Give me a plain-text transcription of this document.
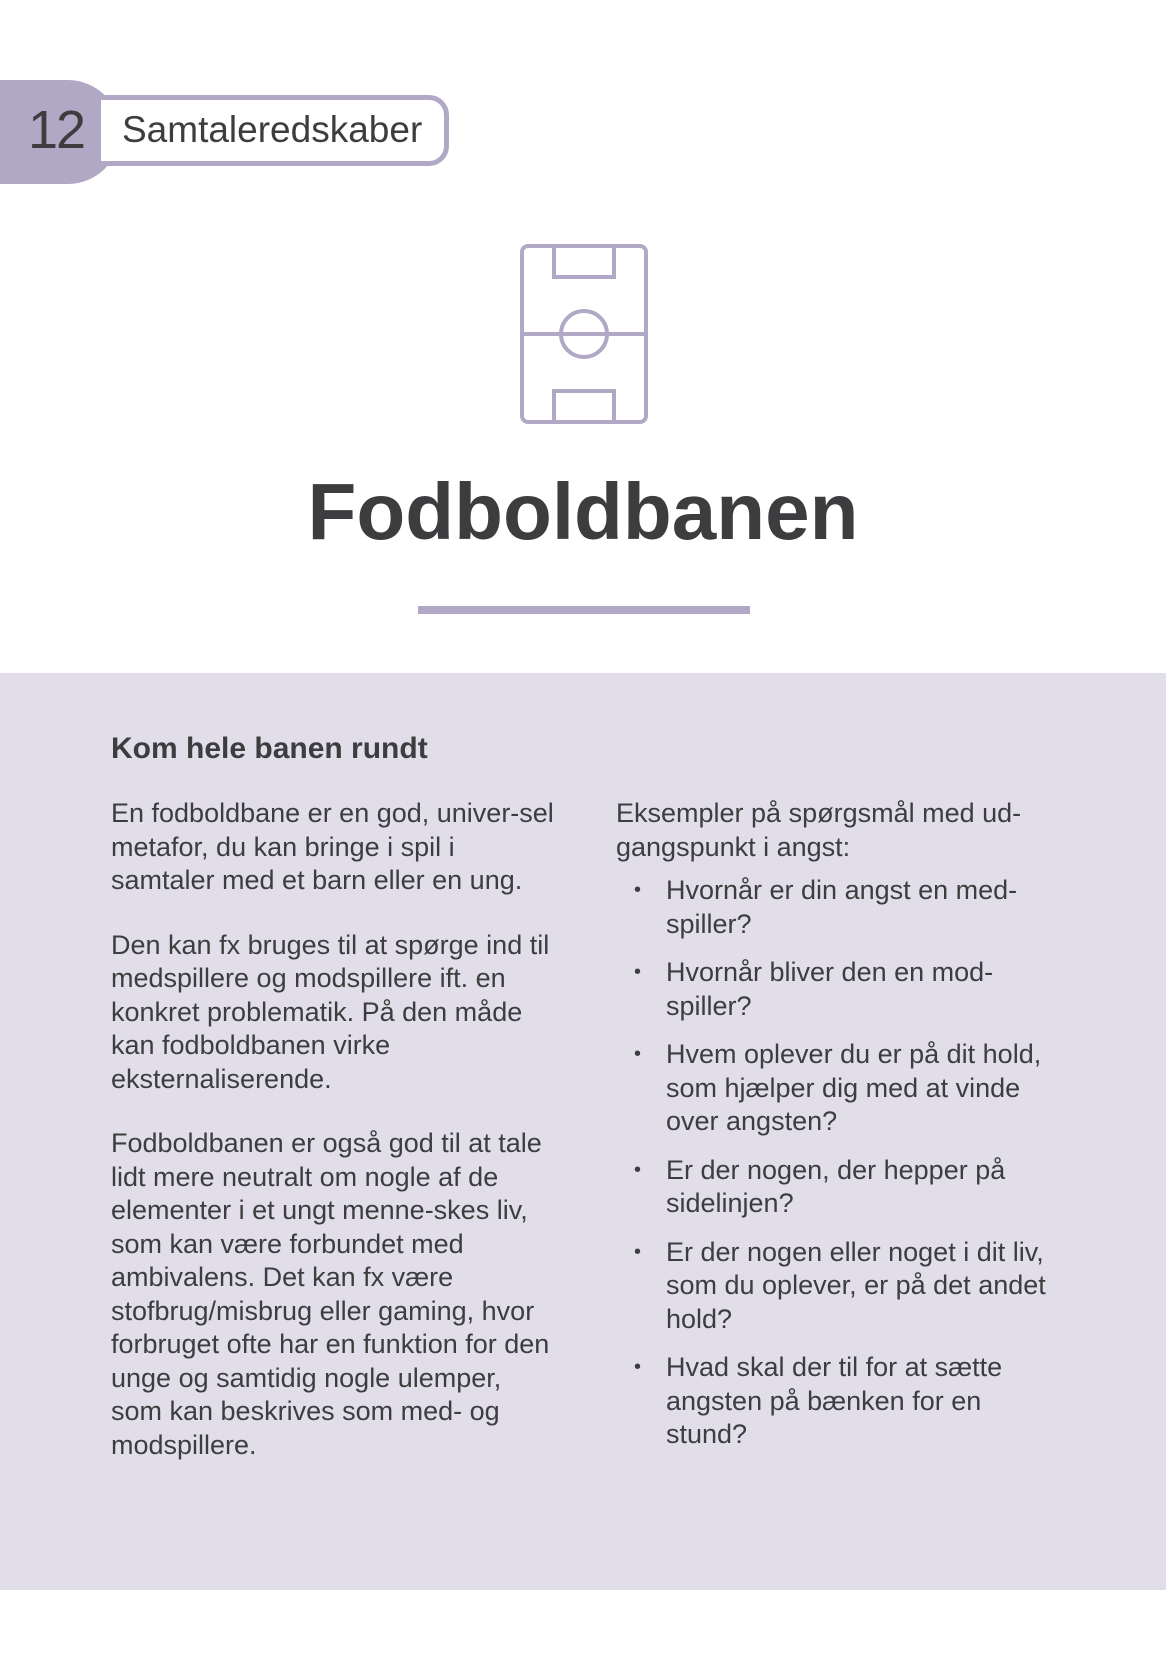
12 Samtaleredskaber
Fodboldbanen
Kom hele banen rundt

En fodboldbane er en god, univer-sel metafor, du kan bringe i spil i samtaler med et barn eller en ung.

Den kan fx bruges til at spørge ind til medspillere og modspillere ift. en konkret problematik. På den måde kan fodboldbanen virke eksternaliserende.

Fodboldbanen er også god til at tale lidt mere neutralt om nogle af de elementer i et ungt menne-skes liv, som kan være forbundet med ambivalens. Det kan fx være stofbrug/misbrug eller gaming, hvor forbruget ofte har en funktion for den unge og samtidig nogle ulemper, som kan beskrives som med- og modspillere.

Eksempler på spørgsmål med ud-gangspunkt i angst:

• Hvornår er din angst en med-spiller?
• Hvornår bliver den en mod-spiller?
• Hvem oplever du er på dit hold, som hjælper dig med at vinde over angsten?
• Er der nogen, der hepper på sidelinjen?
• Er der nogen eller noget i dit liv, som du oplever, er på det andet hold?
• Hvad skal der til for at sætte angsten på bænken for en stund?
